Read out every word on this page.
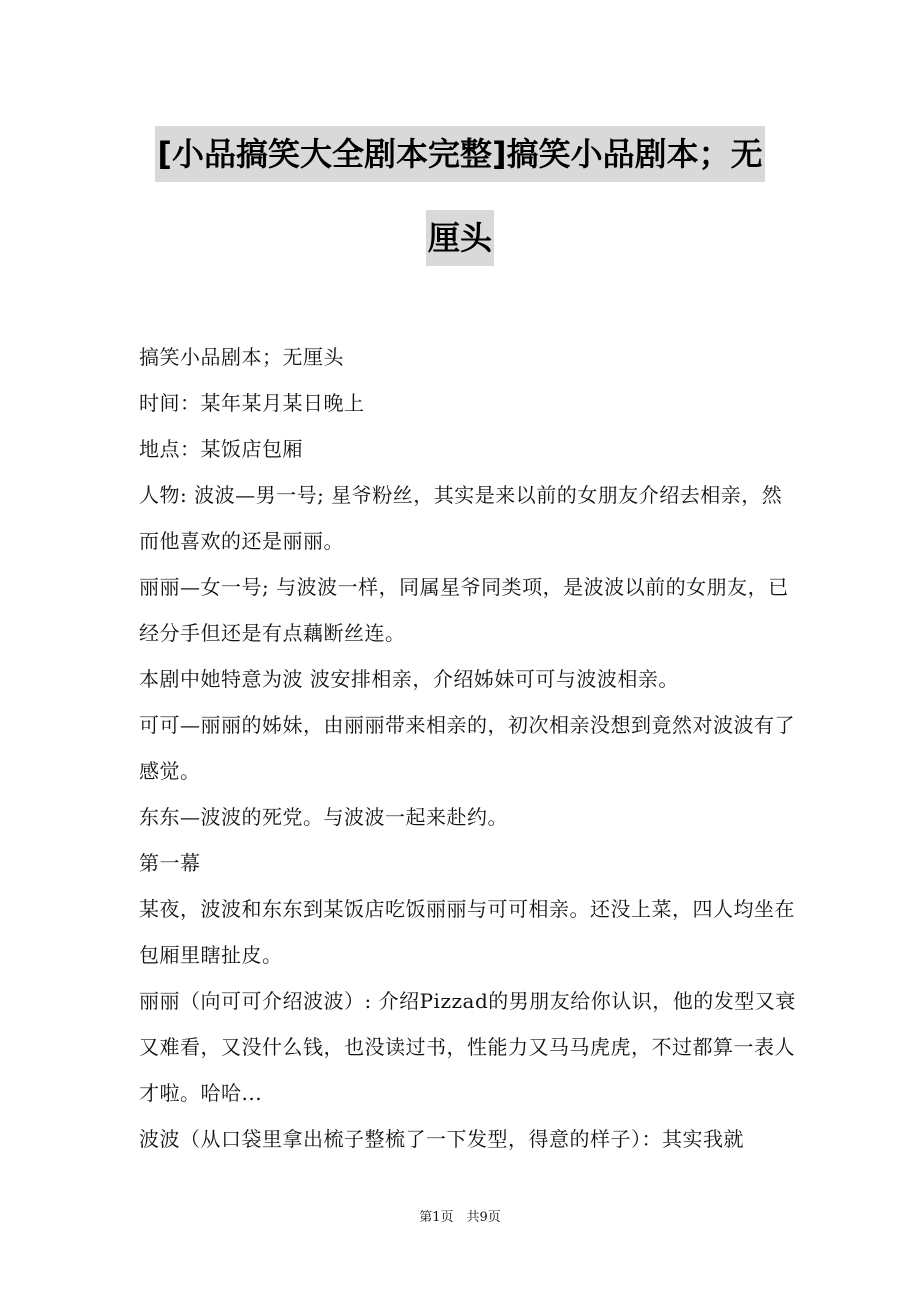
[小品搞笑大全剧本完整]搞笑小品剧本；无
厘头

搞笑小品剧本；无厘头

时间：某年某月某日晚上

地点：某饭店包厢

人物: 波波—男一号; 星爷粉丝，其实是来以前的女朋友介绍去相亲，然而他喜欢的还是丽丽。

丽丽—女一号; 与波波一样，同属星爷同类项，是波波以前的女朋友，已经分手但还是有点藕断丝连。

本剧中她特意为波 波安排相亲，介绍姊妹可可与波波相亲。

可可—丽丽的姊妹，由丽丽带来相亲的，初次相亲没想到竟然对波波有了感觉。

东东—波波的死党。与波波一起来赴约。

第一幕

某夜，波波和东东到某饭店吃饭丽丽与可可相亲。还没上菜，四人均坐在包厢里瞎扯皮。

丽丽（向可可介绍波波）: 介绍Pizzad的男朋友给你认识，他的发型又衰又难看，又没什么钱，也没读过书，性能力又马马虎虎，不过都算一表人才啦。哈哈...

波波（从口袋里拿出梳子整梳了一下发型，得意的样子）：其实我就

第1页　共9页
